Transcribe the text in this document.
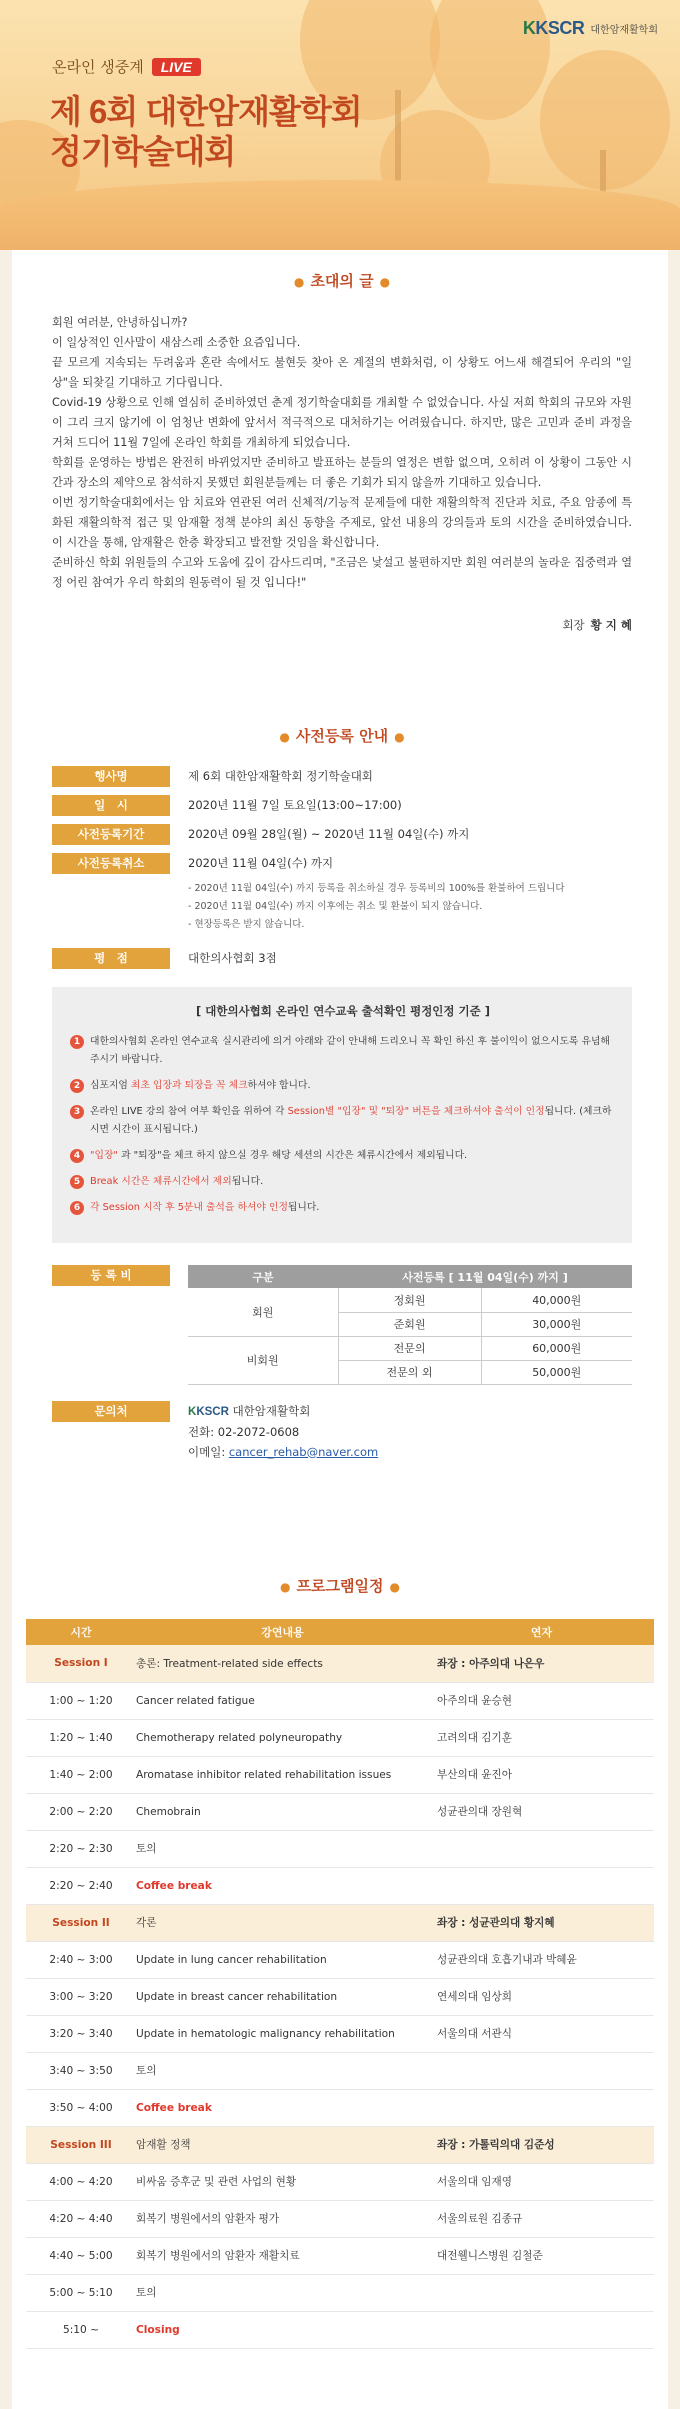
KKSCR 대한암재활학회
온라인 생중계	LIVE
제 6회 대한암재활학회
정기학술대회
● 초대의 글 ●

회원 여러분, 안녕하십니까?

이 일상적인 인사말이 새삼스레 소중한 요즘입니다.

끝 모르게 지속되는 두려움과 혼란 속에서도 불현듯 찾아 온 계절의 변화처럼, 이 상황도 어느새 해결되어 우리의 "일상"을 되찾길 기대하고 기다립니다.

Covid-19 상황으로 인해 열심히 준비하였던 춘계 정기학술대회를 개최할 수 없었습니다. 사실 저희 학회의 규모와 자원이 그리 크지 않기에 이 엄청난 변화에 앞서서 적극적으로 대처하기는 어려웠습니다. 하지만, 많은 고민과 준비 과정을 거쳐 드디어 11월 7일에 온라인 학회를 개최하게 되었습니다.

학회를 운영하는 방법은 완전히 바뀌었지만 준비하고 발표하는 분들의 열정은 변함 없으며, 오히려 이 상황이 그동안 시간과 장소의 제약으로 참석하지 못했던 회원분들께는 더 좋은 기회가 되지 않을까 기대하고 있습니다.

이번 정기학술대회에서는 암 치료와 연관된 여러 신체적/기능적 문제들에 대한 재활의학적 진단과 치료, 주요 암종에 특화된 재활의학적 접근 및 암재활 정책 분야의 최신 동향을 주제로, 앞선 내용의 강의들과 토의 시간을 준비하였습니다. 이 시간을 통해, 암재활은 한층 확장되고 발전할 것임을 확신합니다.

준비하신 학회 위원들의 수고와 도움에 깊이 감사드리며, "조금은 낯설고 불편하지만 회원 여러분의 놀라운 집중력과 열정 어린 참여가 우리 학회의 원동력이 될 것 입니다!"

회장 황 지 혜
● 사전등록 안내 ●
행사명	제 6회 대한암재활학회 정기학술대회
일　시	2020년 11월 7일 토요일(13:00~17:00)
사전등록기간	2020년 09월 28일(월) ~ 2020년 11월 04일(수) 까지
사전등록취소	2020년 11월 04일(수) 까지
- 2020년 11월 04일(수) 까지 등록을 취소하실 경우 등록비의 100%를 환불하여 드립니다
- 2020년 11월 04일(수) 까지 이후에는 취소 및 환불이 되지 않습니다.
- 현장등록은 받지 않습니다.
평　점	대한의사협회 3점
[ 대한의사협회 온라인 연수교육 출석확인 평정인정 기준 ]
1	대한의사협회 온라인 연수교육 실시관리에 의거 아래와 같이 안내해 드리오니 꼭 확인 하신 후 불이익이 없으시도록 유념해 주시기 바랍니다.
2	심포지엄 최초 입장과 퇴장을 꼭 체크하셔야 합니다.
3	온라인 LIVE 강의 참여 여부 확인을 위하여 각 Session별 "입장" 및 "퇴장" 버튼을 체크하셔야 출석이 인정됩니다. (체크하시면 시간이 표시됩니다.)
4	"입장" 과 "퇴장"을 체크 하지 않으실 경우 해당 세션의 시간은 체류시간에서 제외됩니다.
5	Break 시간은 체류시간에서 제외됩니다.
6	각 Session 시작 후 5분내 출석을 하셔야 인정됩니다.
등 록 비	구분	사전등록 [ 11월 04일(수) 까지 ]	
회원	정회원	40,000원
	준회원	30,000원
비회원	전문의	60,000원
	전문의 외	50,000원
문의처	KKSCR 대한암재활학회
전화: 02-2072-0608
이메일: cancer_rehab@naver.com
● 프로그램일정 ●
시간	강연내용	연자
Session I	총론: Treatment-related side effects	좌장 : 아주의대 나은우
1:00 ~ 1:20	Cancer related fatigue	아주의대 윤승현
1:20 ~ 1:40	Chemotherapy related polyneuropathy	고려의대 김기훈
1:40 ~ 2:00	Aromatase inhibitor related rehabilitation issues	부산의대 윤진아
2:00 ~ 2:20	Chemobrain	성균관의대 장원혁
2:20 ~ 2:30	토의	
2:20 ~ 2:40	Coffee break	
Session II	각론	좌장 : 성균관의대 황지혜
2:40 ~ 3:00	Update in lung cancer rehabilitation	성균관의대 호흡기내과 박혜윤
3:00 ~ 3:20	Update in breast cancer rehabilitation	연세의대 임상희
3:20 ~ 3:40	Update in hematologic malignancy rehabilitation	서울의대 서관식
3:40 ~ 3:50	토의	
3:50 ~ 4:00	Coffee break	
Session III	암재활 정책	좌장 : 가톨릭의대 김준성
4:00 ~ 4:20	비싸움 증후군 및 관련 사업의 현황	서울의대 임재영
4:20 ~ 4:40	회복기 병원에서의 암환자 평가	서울의료원 김종규
4:40 ~ 5:00	회복기 병원에서의 암환자 재활치료	대전웰니스병원 김철준
5:00 ~ 5:10	토의	
5:10 ~	Closing	
